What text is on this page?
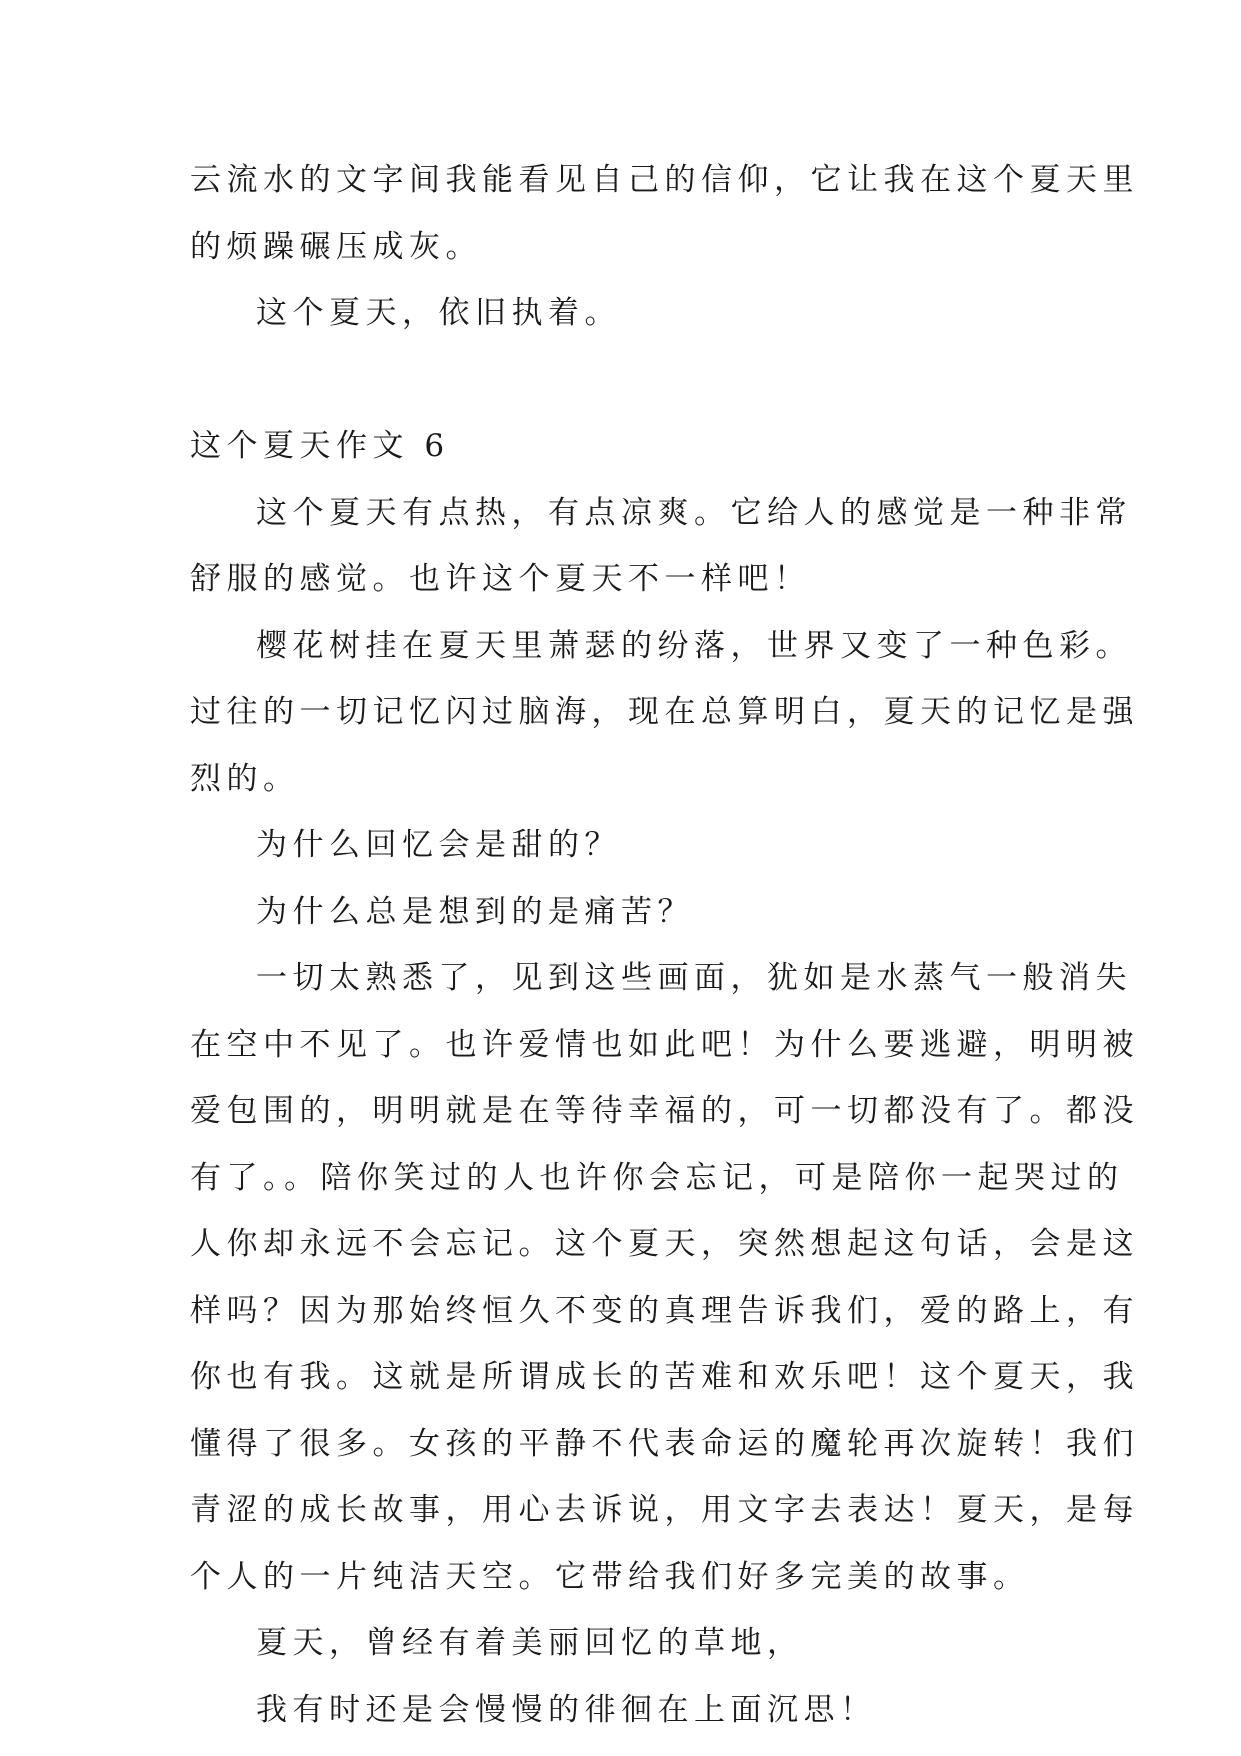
云流水的文字间我能看见自己的信仰，它让我在这个夏天里
的烦躁碾压成灰。
这个夏天，依旧执着。
这个夏天作文 6
这个夏天有点热，有点凉爽。它给人的感觉是一种非常
舒服的感觉。也许这个夏天不一样吧！
樱花树挂在夏天里萧瑟的纷落，世界又变了一种色彩。
过往的一切记忆闪过脑海，现在总算明白，夏天的记忆是强
烈的。
为什么回忆会是甜的？
为什么总是想到的是痛苦？
一切太熟悉了，见到这些画面，犹如是水蒸气一般消失
在空中不见了。也许爱情也如此吧！为什么要逃避，明明被
爱包围的，明明就是在等待幸福的，可一切都没有了。都没
有了。。陪你笑过的人也许你会忘记，可是陪你一起哭过的
人你却永远不会忘记。这个夏天，突然想起这句话，会是这
样吗？因为那始终恒久不变的真理告诉我们，爱的路上，有
你也有我。这就是所谓成长的苦难和欢乐吧！这个夏天，我
懂得了很多。女孩的平静不代表命运的魔轮再次旋转！我们
青涩的成长故事，用心去诉说，用文字去表达！夏天，是每
个人的一片纯洁天空。它带给我们好多完美的故事。
夏天，曾经有着美丽回忆的草地，
我有时还是会慢慢的徘徊在上面沉思！
